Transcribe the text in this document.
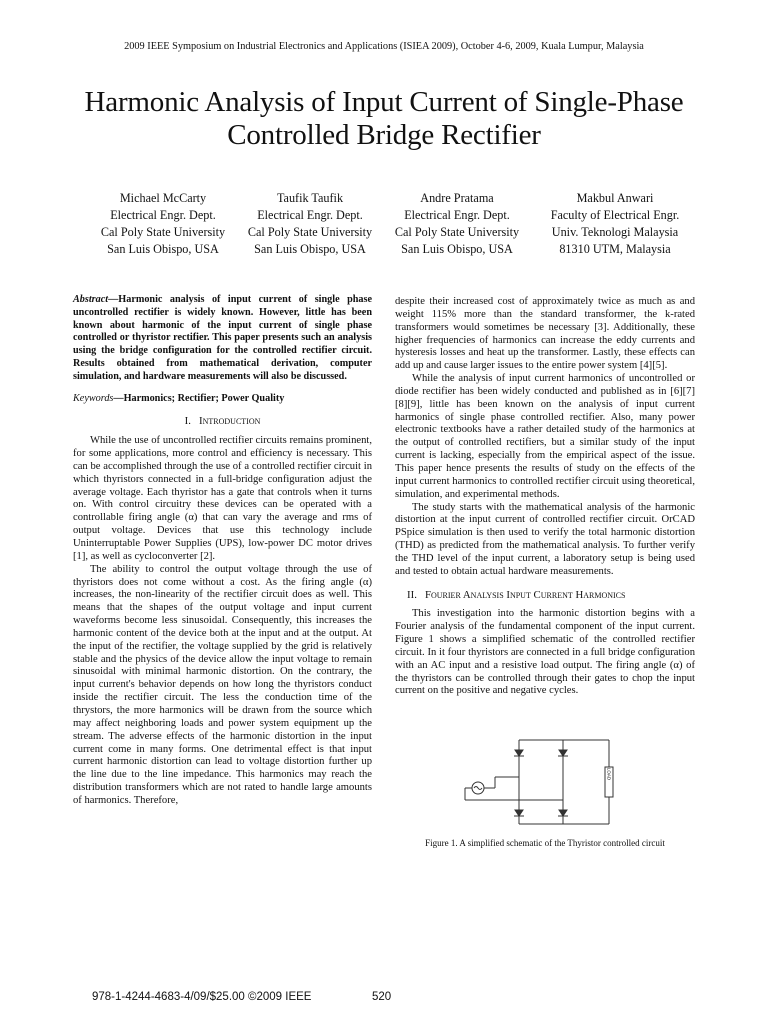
2009 IEEE Symposium on Industrial Electronics and Applications (ISIEA 2009), October 4-6, 2009, Kuala Lumpur, Malaysia
Harmonic Analysis of Input Current of Single-Phase Controlled Bridge Rectifier
Michael McCarty
Electrical Engr. Dept.
Cal Poly State University
San Luis Obispo, USA
Taufik Taufik
Electrical Engr. Dept.
Cal Poly State University
San Luis Obispo, USA
Andre Pratama
Electrical Engr. Dept.
Cal Poly State University
San Luis Obispo, USA
Makbul Anwari
Faculty of Electrical Engr.
Univ. Teknologi Malaysia
81310 UTM, Malaysia

Abstract—Harmonic analysis of input current of single phase uncontrolled rectifier is widely known. However, little has been known about harmonic of the input current of single phase controlled or thyristor rectifier. This paper presents such an analysis using the bridge configuration for the controlled rectifier circuit. Results obtained from mathematical derivation, computer simulation, and hardware measurements will also be discussed.

Keywords—Harmonics; Rectifier; Power Quality

I. Introduction

While the use of uncontrolled rectifier circuits remains prominent, for some applications, more control and efficiency is necessary. This can be accomplished through the use of a controlled rectifier circuit in which thyristors connected in a full-bridge configuration adjust the average voltage. Each thyristor has a gate that controls when it turns on. With control circuitry these devices can be operated with a controllable firing angle (α) that can vary the average and rms of output voltage. Devices that use this technology include Uninterruptable Power Supplies (UPS), low-power DC motor drives [1], as well as cycloconverter [2].

The ability to control the output voltage through the use of thyristors does not come without a cost. As the firing angle (α) increases, the non-linearity of the rectifier circuit does as well. This means that the shapes of the output voltage and input current waveforms become less sinusoidal. Consequently, this increases the harmonic content of the device both at the input and at the output. At the input of the rectifier, the voltage supplied by the grid is relatively stable and the physics of the device allow the input voltage to remain sinusoidal with minimal harmonic distortion. On the contrary, the input current's behavior depends on how long the thyristors conduct inside the rectifier circuit. The less the conduction time of the thrystors, the more harmonics will be drawn from the source which may affect neighboring loads and power system equipment up the stream. The adverse effects of the harmonic distortion in the input current come in many forms. One detrimental effect is that input current harmonic distortion can lead to voltage distortion further up the line due to the line impedance. This harmonics may reach the distribution transformers which are not rated to handle large amounts of harmonics. Therefore,

despite their increased cost of approximately twice as much as and weight 115% more than the standard transformer, the k-rated transformers would sometimes be necessary [3]. Additionally, these higher frequencies of harmonics can increase the eddy currents and hysteresis losses and heat up the transformer. Lastly, these effects can add up and cause larger issues to the entire power system [4][5].

While the analysis of input current harmonics of uncontrolled or diode rectifier has been widely conducted and published as in [6][7][8][9], little has been known on the analysis of input current harmonics of single phase controlled rectifier. Also, many power electronic textbooks have a rather detailed study of the harmonics at the output of controlled rectifiers, but a similar study of the input current is lacking, especially from the empirical aspect of the issue. This paper hence presents the results of study on the effects of the input current harmonics to controlled rectifier circuit using theoretical, simulation, and experimental methods.

The study starts with the mathematical analysis of the harmonic distortion at the input current of controlled rectifier circuit. OrCAD PSpice simulation is then used to verify the total harmonic distortion (THD) as predicted from the mathematical analysis. To further verify the THD level of the input current, a laboratory setup is being used and tested to obtain actual hardware measurements.

II. Fourier Analysis Input Current Harmonics

This investigation into the harmonic distortion begins with a Fourier analysis of the fundamental component of the input current. Figure 1 shows a simplified schematic of the controlled rectifier circuit. In it four thyristors are connected in a full bridge configuration with an AC input and a resistive load output. The firing angle (α) of the thyristors can be controlled through their gates to chop the input current on the positive and negative cycles.

LOAD
Figure 1. A simplified schematic of the Thyristor controlled circuit
978-1-4244-4683-4/09/$25.00 ©2009 IEEE	520
